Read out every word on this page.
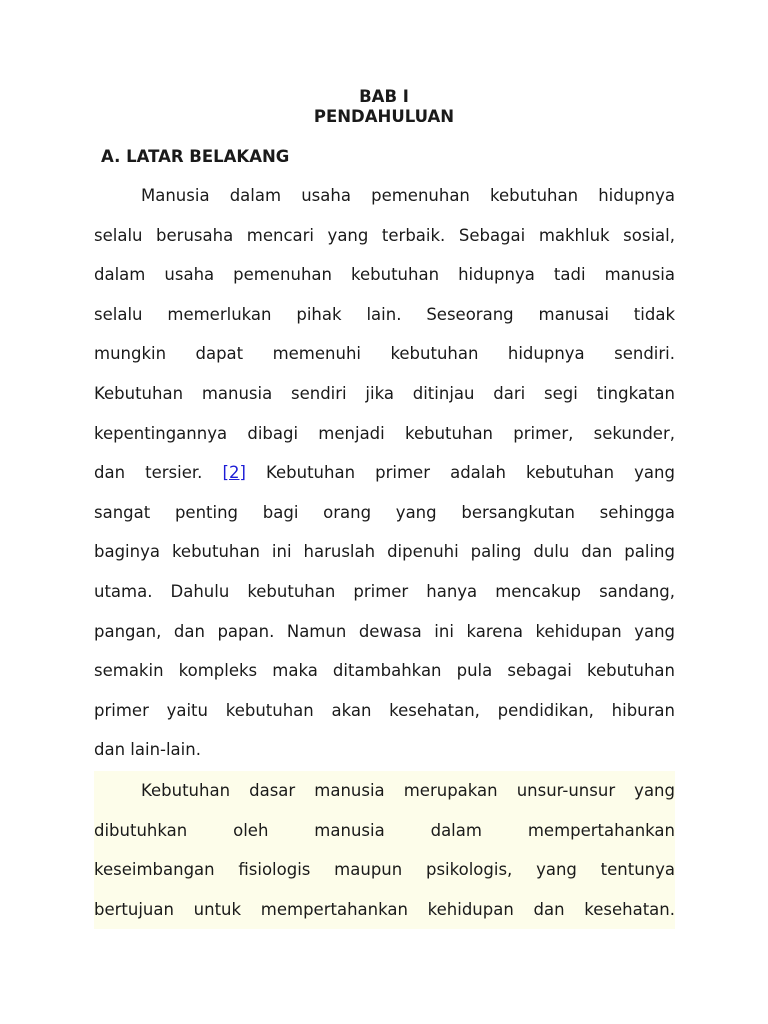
BAB I
PENDAHULUAN
A. LATAR BELAKANG
Manusia dalam usaha pemenuhan kebutuhan hidupnya
selalu berusaha mencari yang terbaik. Sebagai makhluk sosial,
dalam usaha pemenuhan kebutuhan hidupnya tadi manusia
selalu memerlukan pihak lain. Seseorang manusai tidak
mungkin dapat memenuhi kebutuhan hidupnya sendiri.
Kebutuhan manusia sendiri jika ditinjau dari segi tingkatan
kepentingannya dibagi menjadi kebutuhan primer, sekunder,
dan tersier. [2] Kebutuhan primer adalah kebutuhan yang
sangat penting bagi orang yang bersangkutan sehingga
baginya kebutuhan ini haruslah dipenuhi paling dulu dan paling
utama. Dahulu kebutuhan primer hanya mencakup sandang,
pangan, dan papan. Namun dewasa ini karena kehidupan yang
semakin kompleks maka ditambahkan pula sebagai kebutuhan
primer yaitu kebutuhan akan kesehatan, pendidikan, hiburan
dan lain-lain.
Kebutuhan dasar manusia merupakan unsur-unsur yang
dibutuhkan oleh manusia dalam mempertahankan
keseimbangan fisiologis maupun psikologis, yang tentunya
bertujuan untuk mempertahankan kehidupan dan kesehatan.
